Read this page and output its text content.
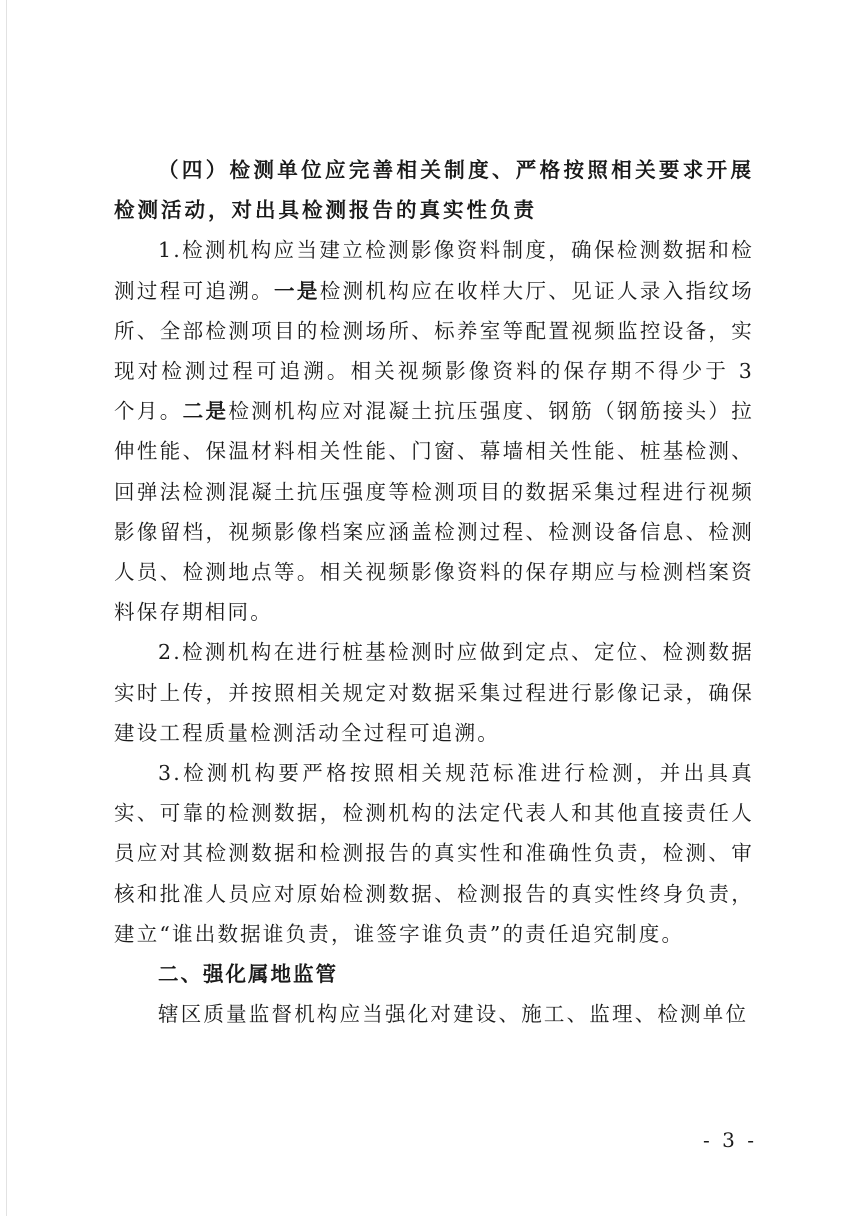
（四）检测单位应完善相关制度、严格按照相关要求开展检测活动，对出具检测报告的真实性负责

1.检测机构应当建立检测影像资料制度，确保检测数据和检测过程可追溯。一是检测机构应在收样大厅、见证人录入指纹场所、全部检测项目的检测场所、标养室等配置视频监控设备，实现对检测过程可追溯。相关视频影像资料的保存期不得少于 3 个月。二是检测机构应对混凝土抗压强度、钢筋（钢筋接头）拉伸性能、保温材料相关性能、门窗、幕墙相关性能、桩基检测、回弹法检测混凝土抗压强度等检测项目的数据采集过程进行视频影像留档，视频影像档案应涵盖检测过程、检测设备信息、检测人员、检测地点等。相关视频影像资料的保存期应与检测档案资料保存期相同。

2.检测机构在进行桩基检测时应做到定点、定位、检测数据实时上传，并按照相关规定对数据采集过程进行影像记录，确保建设工程质量检测活动全过程可追溯。

3.检测机构要严格按照相关规范标准进行检测，并出具真实、可靠的检测数据，检测机构的法定代表人和其他直接责任人员应对其检测数据和检测报告的真实性和准确性负责，检测、审核和批准人员应对原始检测数据、检测报告的真实性终身负责，建立“谁出数据谁负责，谁签字谁负责”的责任追究制度。

二、强化属地监管

辖区质量监督机构应当强化对建设、施工、监理、检测单位

- 3 -
